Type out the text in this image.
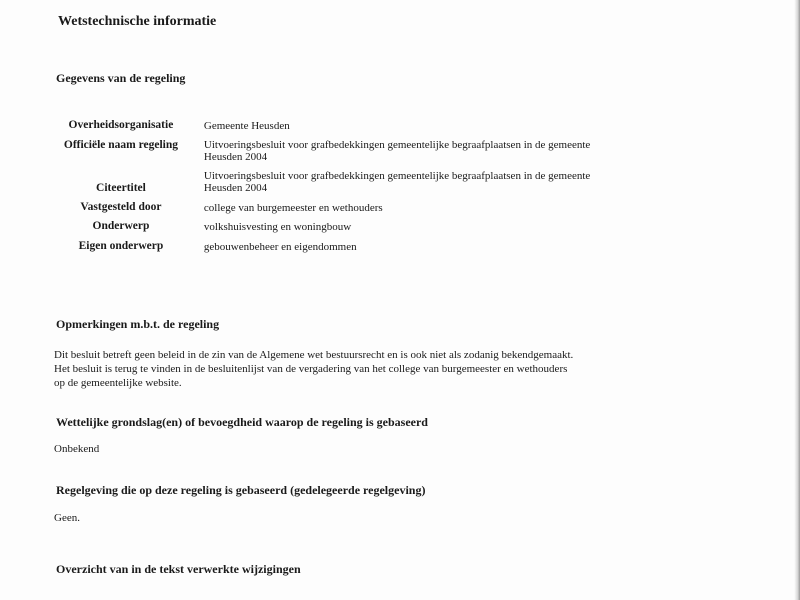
Wetstechnische informatie
Gegevens van de regeling
Overheidsorganisatie	Gemeente Heusden
Officiële naam regeling	Uitvoeringsbesluit voor grafbedekkingen gemeentelijke begraafplaatsen in de gemeente Heusden 2004
Citeertitel	Uitvoeringsbesluit voor grafbedekkingen gemeentelijke begraafplaatsen in de gemeente Heusden 2004
Vastgesteld door	college van burgemeester en wethouders
Onderwerp	volkshuisvesting en woningbouw
Eigen onderwerp	gebouwenbeheer en eigendommen
Opmerkingen m.b.t. de regeling

Dit besluit betreft geen beleid in de zin van de Algemene wet bestuursrecht en is ook niet als zodanig bekendgemaakt. Het besluit is terug te vinden in de besluitenlijst van de vergadering van het college van burgemeester en wethouders op de gemeentelijke website.

Wettelijke grondslag(en) of bevoegdheid waarop de regeling is gebaseerd

Onbekend

Regelgeving die op deze regeling is gebaseerd (gedelegeerde regelgeving)

Geen.

Overzicht van in de tekst verwerkte wijzigingen
